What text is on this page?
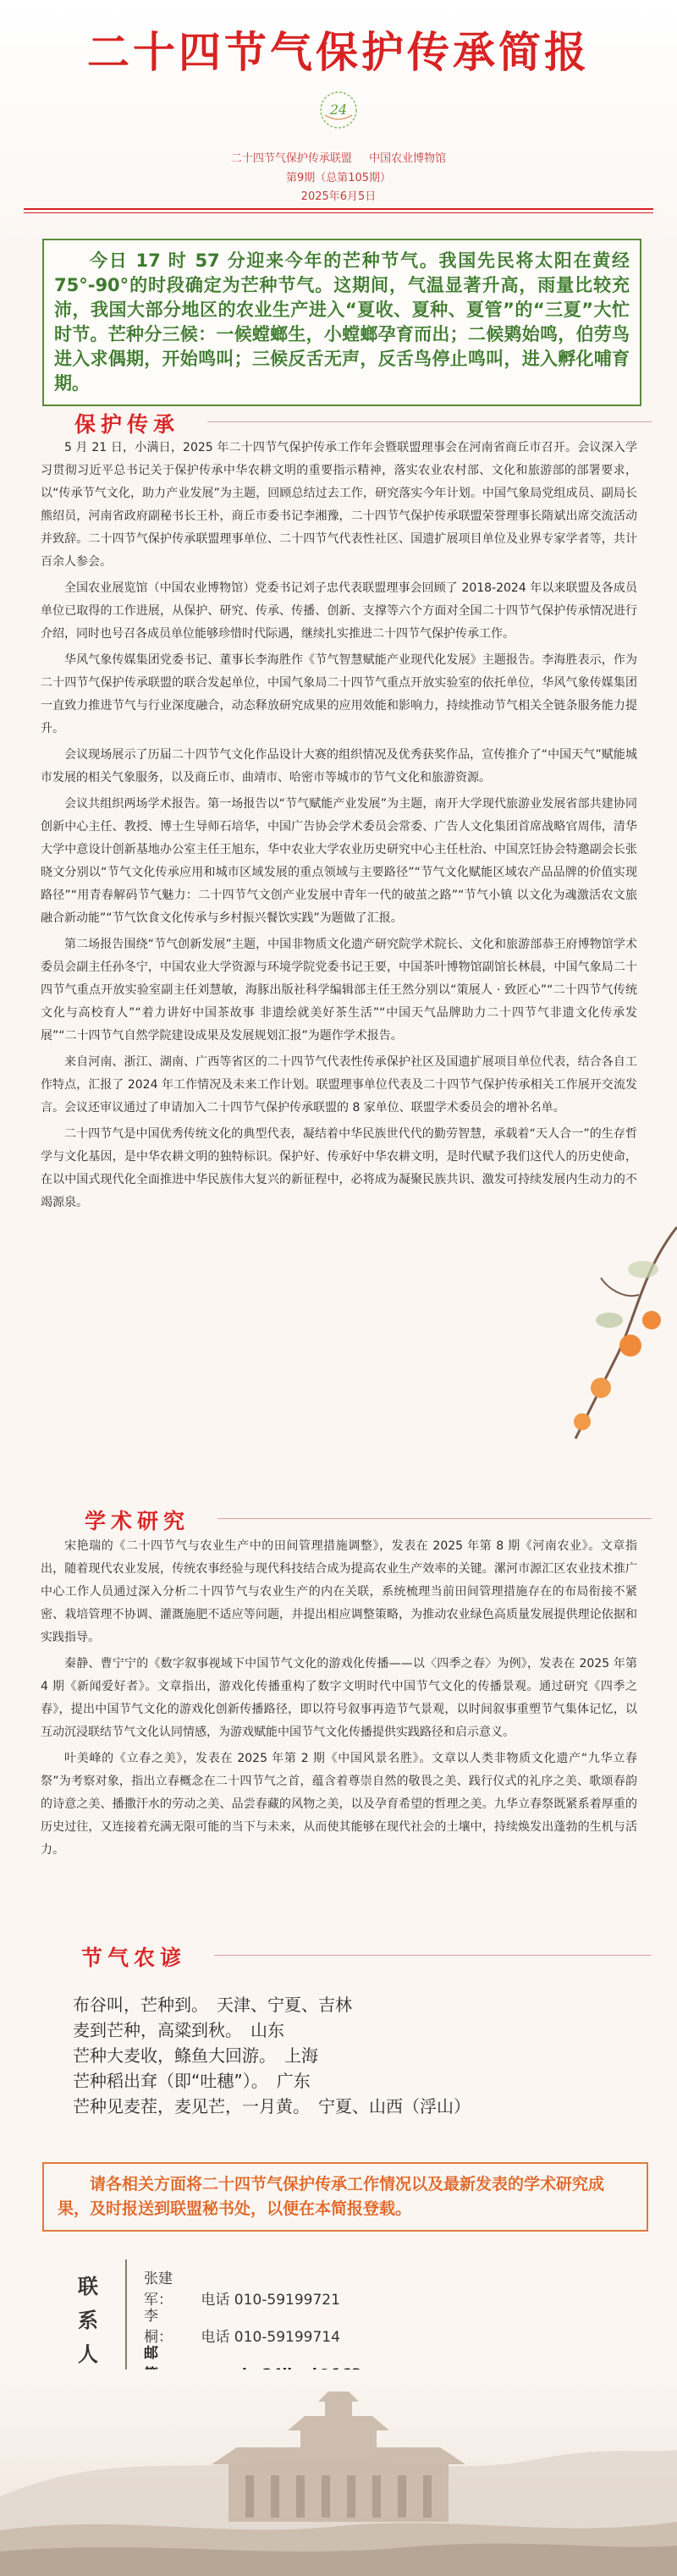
二十四节气保护传承简报
24
二十四节气保护传承联盟 中国农业博物馆
第9期（总第105期）
2025年6月5日

今日 17 时 57 分迎来今年的芒种节气。我国先民将太阳在黄经 75°-90°的时段确定为芒种节气。这期间，气温显著升高，雨量比较充沛，我国大部分地区的农业生产进入“夏收、夏种、夏管”的“三夏”大忙时节。芒种分三候：一候螳螂生，小螳螂孕育而出；二候䴗始鸣，伯劳鸟进入求偶期，开始鸣叫；三候反舌无声，反舌鸟停止鸣叫，进入孵化哺育期。

保护传承

5 月 21 日，小满日，2025 年二十四节气保护传承工作年会暨联盟理事会在河南省商丘市召开。会议深入学习贯彻习近平总书记关于保护传承中华农耕文明的重要指示精神，落实农业农村部、文化和旅游部的部署要求，以“传承节气文化，助力产业发展”为主题，回顾总结过去工作，研究落实今年计划。中国气象局党组成员、副局长熊绍员，河南省政府副秘书长王朴，商丘市委书记李湘豫，二十四节气保护传承联盟荣誉理事长隋斌出席交流活动并致辞。二十四节气保护传承联盟理事单位、二十四节气代表性社区、国遗扩展项目单位及业界专家学者等，共计百余人参会。

全国农业展览馆（中国农业博物馆）党委书记刘子忠代表联盟理事会回顾了 2018-2024 年以来联盟及各成员单位已取得的工作进展，从保护、研究、传承、传播、创新、支撑等六个方面对全国二十四节气保护传承情况进行介绍，同时也号召各成员单位能够珍惜时代际遇，继续扎实推进二十四节气保护传承工作。

华风气象传媒集团党委书记、董事长李海胜作《节气智慧赋能产业现代化发展》主题报告。李海胜表示，作为二十四节气保护传承联盟的联合发起单位，中国气象局二十四节气重点开放实验室的依托单位，华风气象传媒集团一直致力推进节气与行业深度融合，动态释放研究成果的应用效能和影响力，持续推动节气相关全链条服务能力提升。

会议现场展示了历届二十四节气文化作品设计大赛的组织情况及优秀获奖作品，宣传推介了“中国天气”赋能城市发展的相关气象服务，以及商丘市、曲靖市、哈密市等城市的节气文化和旅游资源。

会议共组织两场学术报告。第一场报告以“节气赋能产业发展”为主题，南开大学现代旅游业发展省部共建协同创新中心主任、教授、博士生导师石培华，中国广告协会学术委员会常委、广告人文化集团首席战略官周伟，清华大学中意设计创新基地办公室主任王旭东，华中农业大学农业历史研究中心主任杜治、中国烹饪协会特邀副会长张晓文分别以“节气文化传承应用和城市区域发展的重点领域与主要路径”“节气文化赋能区域农产品品牌的价值实现路径”“用青春解码节气魅力：二十四节气文创产业发展中青年一代的破茧之路”“节气小镇 以文化为魂激活农文旅融合新动能”“节气饮食文化传承与乡村振兴餐饮实践”为题做了汇报。

第二场报告围绕“节气创新发展”主题，中国非物质文化遗产研究院学术院长、文化和旅游部恭王府博物馆学术委员会副主任孙冬宁，中国农业大学资源与环境学院党委书记王要，中国茶叶博物馆副馆长林晨，中国气象局二十四节气重点开放实验室副主任刘慧敏，海豚出版社科学编辑部主任王然分别以“策展人 · 致匠心”“二十四节气传统文化与高校育人”“着力讲好中国茶故事 非遗绘就美好茶生活”“中国天气品牌助力二十四节气非遗文化传承发展”“二十四节气自然学院建设成果及发展规划汇报”为题作学术报告。

来自河南、浙江、湖南、广西等省区的二十四节气代表性传承保护社区及国遗扩展项目单位代表，结合各自工作特点，汇报了 2024 年工作情况及未来工作计划。联盟理事单位代表及二十四节气保护传承相关工作展开交流发言。会议还审议通过了申请加入二十四节气保护传承联盟的 8 家单位、联盟学术委员会的增补名单。

二十四节气是中国优秀传统文化的典型代表，凝结着中华民族世代代的勤劳智慧，承载着“天人合一”的生存哲学与文化基因，是中华农耕文明的独特标识。保护好、传承好中华农耕文明，是时代赋予我们这代人的历史使命，在以中国式现代化全面推进中华民族伟大复兴的新征程中，必将成为凝聚民族共识、激发可持续发展内生动力的不竭源泉。

学术研究

宋艳瑞的《二十四节气与农业生产中的田间管理措施调整》，发表在 2025 年第 8 期《河南农业》。文章指出，随着现代农业发展，传统农事经验与现代科技结合成为提高农业生产效率的关键。漯河市源汇区农业技术推广中心工作人员通过深入分析二十四节气与农业生产的内在关联，系统梳理当前田间管理措施存在的布局衔接不紧密、栽培管理不协调、灌溉施肥不适应等问题，并提出相应调整策略，为推动农业绿色高质量发展提供理论依据和实践指导。

秦静、曹宁宁的《数字叙事视域下中国节气文化的游戏化传播——以〈四季之春〉为例》，发表在 2025 年第 4 期《新闻爱好者》。文章指出，游戏化传播重构了数字文明时代中国节气文化的传播景观。通过研究《四季之春》，提出中国节气文化的游戏化创新传播路径，即以符号叙事再造节气景观，以时间叙事重塑节气集体记忆，以互动沉浸联结节气文化认同情感，为游戏赋能中国节气文化传播提供实践路径和启示意义。

叶美峰的《立春之美》，发表在 2025 年第 2 期《中国风景名胜》。文章以人类非物质文化遗产“九华立春祭”为考察对象，指出立春概念在二十四节气之首，蕴含着尊崇自然的敬畏之美、践行仪式的礼序之美、歌颂春韵的诗意之美、播撒汗水的劳动之美、品尝春藏的风物之美，以及孕育希望的哲理之美。九华立春祭既紧系着厚重的历史过往，又连接着充满无限可能的当下与未来，从而使其能够在现代社会的土壤中，持续焕发出蓬勃的生机与活力。

节气农谚
布谷叫，芒种到。　天津、宁夏、吉林
麦到芒种，高粱到秋。　山东
芒种大麦收，鲦鱼大回游。　上海
芒种稻出耷（即“吐穗”）。　广东
芒种见麦茬，麦见芒，一月黄。　宁夏、山西（浮山）

请各相关方面将二十四节气保护传承工作情况以及最新发表的学术研究成果，及时报送到联盟秘书处，以便在本简报登载。

联系人
张建军： 电话 010-59199721
李　桐： 电话 010-59199714
邮　
